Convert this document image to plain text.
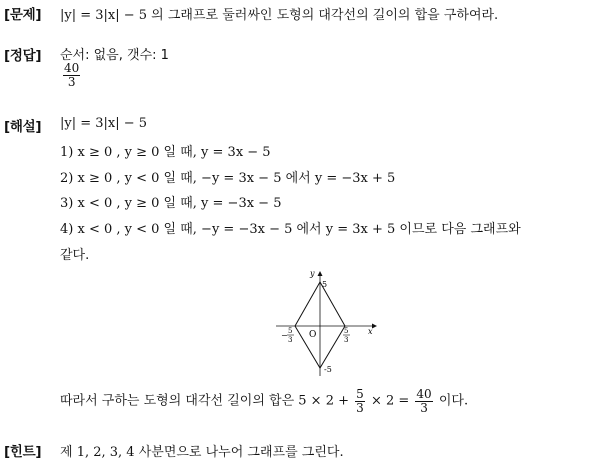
[문제] |y| = 3|x| − 5 의 그래프로 둘러싸인 도형의 대각선의 길이의 합을 구하여라.
[정답] 순서: 없음, 갯수: 1
$\frac{40}{3}$
[해설] |y| = 3|x| − 5
1) x ≥ 0 , y ≥ 0 일 때, y = 3x − 5
2) x ≥ 0 , y < 0 일 때, −y = 3x − 5 에서 y = −3x + 5
3) x < 0 , y ≥ 0 일 때, y = −3x − 5
4) x < 0 , y < 0 일 때, −y = −3x − 5 에서 y = 3x + 5 이므로 다음 그래프와
같다.
y
x
O
5
-5
5
3
− 5
3
따라서 구하는 도형의 대각선 길이의 합은 $5 \times 2 + \frac{5}{3} \times 2 = \frac{40}{3}$ 이다.
[힌트] 제 1, 2, 3, 4 사분면으로 나누어 그래프를 그린다.
